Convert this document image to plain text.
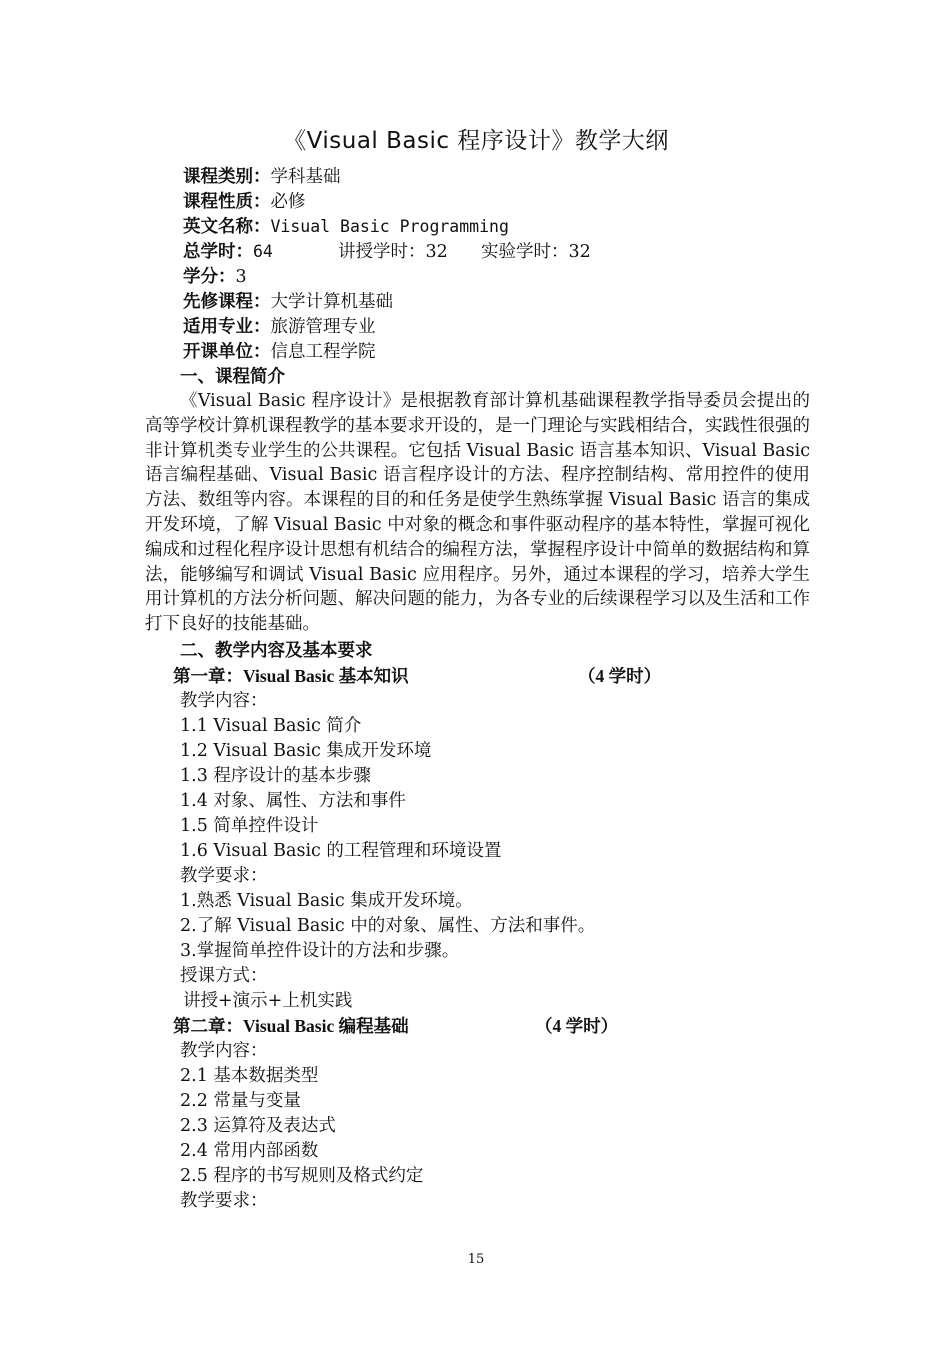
《Visual Basic 程序设计》教学大纲
课程类别：学科基础
课程性质：必修
英文名称：Visual Basic Programming
总学时：64	讲授学时：32 实验学时：32
学分：3
先修课程：大学计算机基础
适用专业：旅游管理专业
开课单位：信息工程学院
一、课程简介

《Visual Basic 程序设计》是根据教育部计算机基础课程教学指导委员会提出的高等学校计算机课程教学的基本要求开设的，是一门理论与实践相结合，实践性很强的非计算机类专业学生的公共课程。它包括 Visual Basic 语言基本知识、Visual Basic 语言编程基础、Visual Basic 语言程序设计的方法、程序控制结构、常用控件的使用方法、数组等内容。本课程的目的和任务是使学生熟练掌握 Visual Basic 语言的集成开发环境，了解 Visual Basic 中对象的概念和事件驱动程序的基本特性，掌握可视化编成和过程化程序设计思想有机结合的编程方法，掌握程序设计中简单的数据结构和算法，能够编写和调试 Visual Basic 应用程序。另外，通过本课程的学习，培养大学生用计算机的方法分析问题、解决问题的能力，为各专业的后续课程学习以及生活和工作打下良好的技能基础。

二、教学内容及基本要求
第一章：Visual Basic 基本知识	（4 学时）
教学内容：
1.1 Visual Basic 简介
1.2 Visual Basic 集成开发环境
1.3 程序设计的基本步骤
1.4 对象、属性、方法和事件
1.5 简单控件设计
1.6 Visual Basic 的工程管理和环境设置
教学要求：
1.熟悉 Visual Basic 集成开发环境。
2.了解 Visual Basic 中的对象、属性、方法和事件。
3.掌握简单控件设计的方法和步骤。
授课方式：
讲授+演示+上机实践
第二章：Visual Basic 编程基础	（4 学时）
教学内容：
2.1 基本数据类型
2.2 常量与变量
2.3 运算符及表达式
2.4 常用内部函数
2.5 程序的书写规则及格式约定
教学要求：
15
